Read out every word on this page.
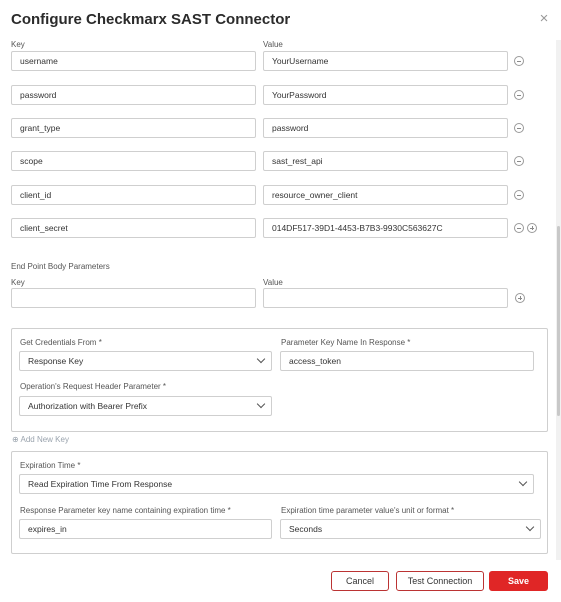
Configure Checkmarx SAST Connector	×
Key	Value
username	YourUsername
password	YourPassword
grant_type	password
scope	sast_rest_api
client_id	resource_owner_client
client_secret	014DF517-39D1-4453-B7B3-9930C563627C
End Point Body Parameters
Key	Value
Get Credentials From *
Response Key
Parameter Key Name In Response *
access_token
Operation's Request Header Parameter *
Authorization with Bearer Prefix
⊕ Add New Key
Expiration Time *
Read Expiration Time From Response
Response Parameter key name containing expiration time *
expires_in
Expiration time parameter value's unit or format *
Seconds
Cancel	Test Connection	Save
